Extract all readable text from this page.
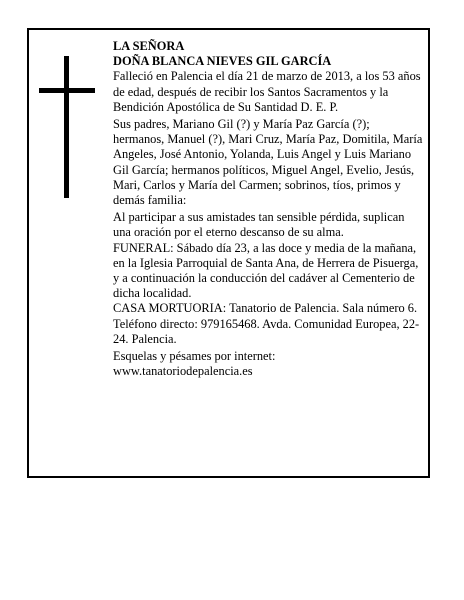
LA SEÑORA

DOÑA BLANCA NIEVES GIL GARCÍA

Falleció en Palencia el día 21 de marzo de 2013, a los 53 años de edad, después de recibir los Santos Sacramentos y la Bendición Apostólica de Su Santidad D. E. P.

Sus padres, Mariano Gil (?) y María Paz García (?); hermanos, Manuel (?), Mari Cruz, María Paz, Domitila, María Angeles, José Antonio, Yolanda, Luis Angel y Luis Mariano Gil García; hermanos políticos, Miguel Angel, Evelio, Jesús, Mari, Carlos y María del Carmen; sobrinos, tíos, primos y demás familia:

Al participar a sus amistades tan sensible pérdida, suplican una oración por el eterno descanso de su alma.

FUNERAL: Sábado día 23, a las doce y media de la mañana, en la Iglesia Parroquial de Santa Ana, de Herrera de Pisuerga, y a continuación la conducción del cadáver al Cementerio de dicha localidad.

CASA MORTUORIA: Tanatorio de Palencia. Sala número 6. Teléfono directo: 979165468. Avda. Comunidad Europea, 22-24. Palencia.

Esquelas y pésames por internet:

www.tanatoriodepalencia.es
